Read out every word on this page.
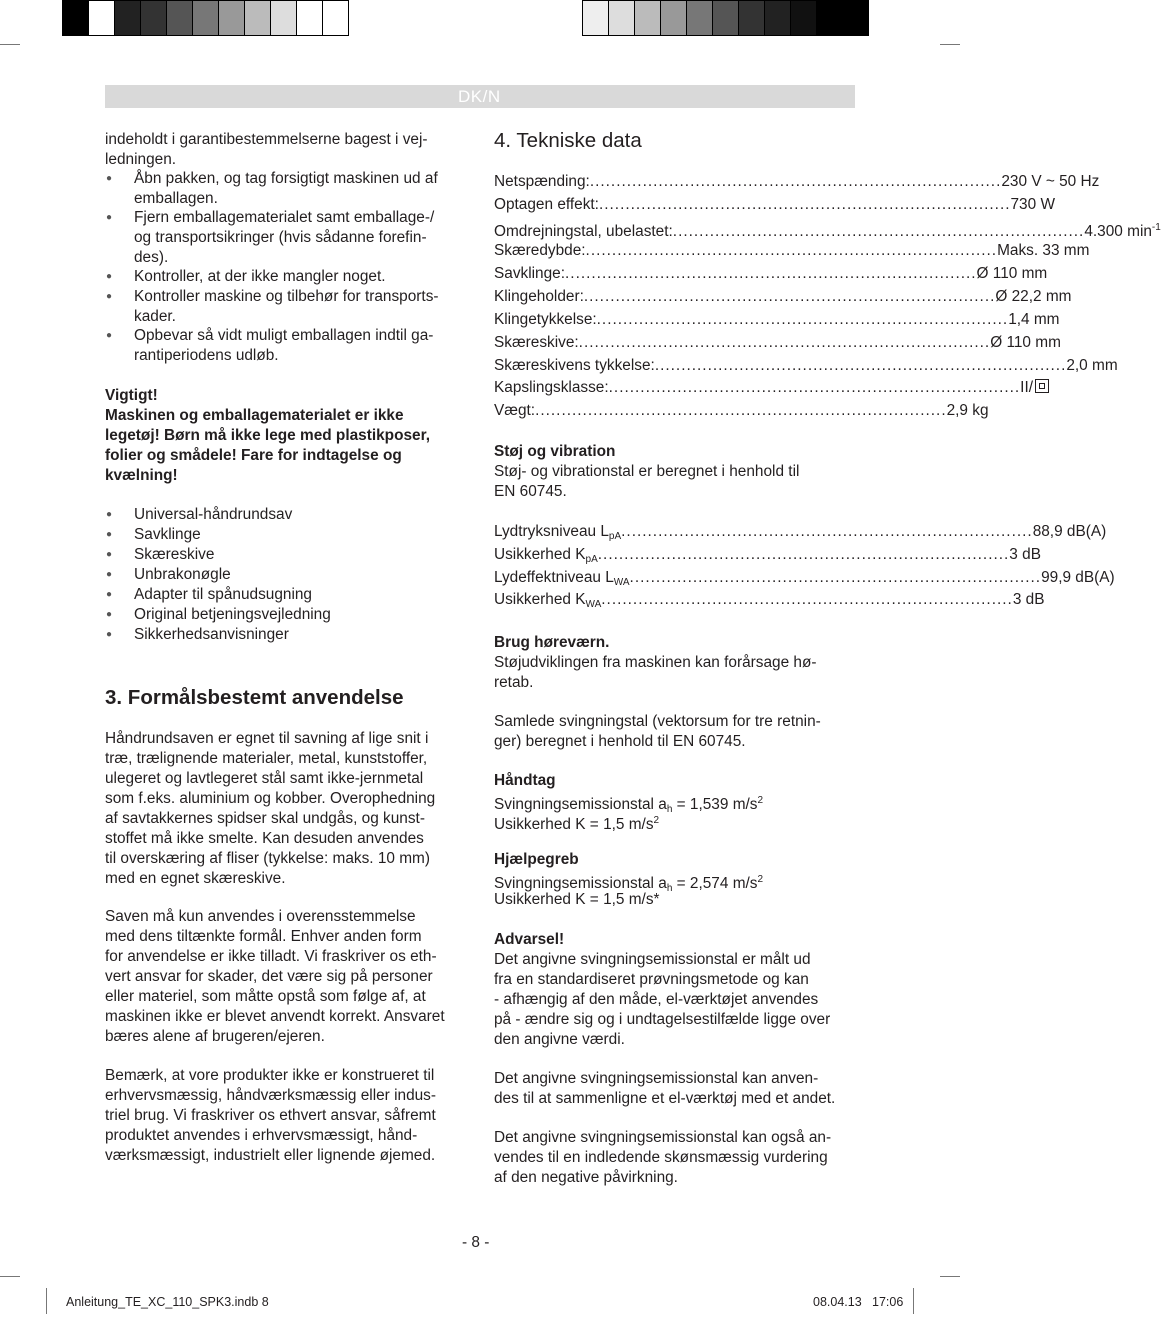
DK/N
indeholdt i garantibestemmelserne bagest i vej-
ledningen.
● Åbn pakken, og tag forsigtigt maskinen ud af
emballagen.
● Fjern emballagematerialet samt emballage-/
og transportsikringer (hvis sådanne forefin-
des).
● Kontroller, at der ikke mangler noget.
● Kontroller maskine og tilbehør for transports-
kader.
● Opbevar så vidt muligt emballagen indtil ga-
rantiperiodens udløb.
Vigtigt!
Maskinen og emballagematerialet er ikke
legetøj! Børn må ikke lege med plastikposer,
folier og smådele! Fare for indtagelse og
kvælning!
● Universal-håndrundsav
● Savklinge
● Skæreskive
● Unbrakonøgle
● Adapter til spånudsugning
● Original betjeningsvejledning
● Sikkerhedsanvisninger
3. Formålsbestemt anvendelse
Håndrundsaven er egnet til savning af lige snit i
træ, trælignende materialer, metal, kunststoffer,
ulegeret og lavtlegeret stål samt ikke-jernmetal
som f.eks. aluminium og kobber. Overophedning
af savtakkernes spidser skal undgås, og kunst-
stoffet må ikke smelte. Kan desuden anvendes
til overskæring af fliser (tykkelse: maks. 10 mm)
med en egnet skæreskive.
Saven må kun anvendes i overensstemmelse
med dens tiltænkte formål. Enhver anden form
for anvendelse er ikke tilladt. Vi fraskriver os eth-
vert ansvar for skader, det være sig på personer
eller materiel, som måtte opstå som følge af, at
maskinen ikke er blevet anvendt korrekt. Ansvaret
bæres alene af brugeren/ejeren.
Bemærk, at vore produkter ikke er konstrueret til
erhvervsmæssig, håndværksmæssig eller indus-
triel brug. Vi fraskriver os ethvert ansvar, såfremt
produktet anvendes i erhvervsmæssigt, hånd-
værksmæssigt, industrielt eller lignende øjemed.
4. Tekniske data
Netspænding: .............................................................................. 230 V ~ 50 Hz
Optagen effekt: .............................................................................. 730 W
Omdrejningstal, ubelastet: .............................................................................. 4.300 $\min^{-1}$
Skæredybde: .............................................................................. Maks. 33 mm
Savklinge: .............................................................................. Ø 110 mm
Klingeholder: .............................................................................. Ø 22,2 mm
Klingetykkelse: .............................................................................. 1,4 mm
Skæreskive: .............................................................................. Ø 110 mm
Skæreskivens tykkelse: .............................................................................. 2,0 mm
Kapslingsklasse: .............................................................................. II/
Vægt: .............................................................................. 2,9 kg
Støj og vibration
Støj- og vibrationstal er beregnet i henhold til
EN 60745.
Lydtryksniveau $L_{pA}$ .............................................................................. 88,9 dB(A)
Usikkerhed $K_{pA}$ .............................................................................. 3 dB
Lydeffektniveau $L_{WA}$ .............................................................................. 99,9 dB(A)
Usikkerhed $K_{WA}$ .............................................................................. 3 dB
Brug høreværn.
Støjudviklingen fra maskinen kan forårsage hø-
retab.
Samlede svingningstal (vektorsum for tre retnin-
ger) beregnet i henhold til EN 60745.
Håndtag
Svingningsemissionstal $a_h = 1,539$ $m/s^2$
Usikkerhed K = 1,5 $m/s^2$
Hjælpegreb
Svingningsemissionstal $a_h = 2,574$ $m/s^2$
Usikkerhed K = 1,5 m/s*
Advarsel!
Det angivne svingningsemissionstal er målt ud
fra en standardiseret prøvningsmetode og kan
- afhængig af den måde, el-værktøjet anvendes
på - ændre sig og i undtagelsestilfælde ligge over
den angivne værdi.
Det angivne svingningsemissionstal kan anven-
des til at sammenligne et el-værktøj med et andet.
Det angivne svingningsemissionstal kan også an-
vendes til en indledende skønsmæssig vurdering
af den negative påvirkning.
- 8 -
Anleitung_TE_XC_110_SPK3.indb 8	08.04.13 17:06
